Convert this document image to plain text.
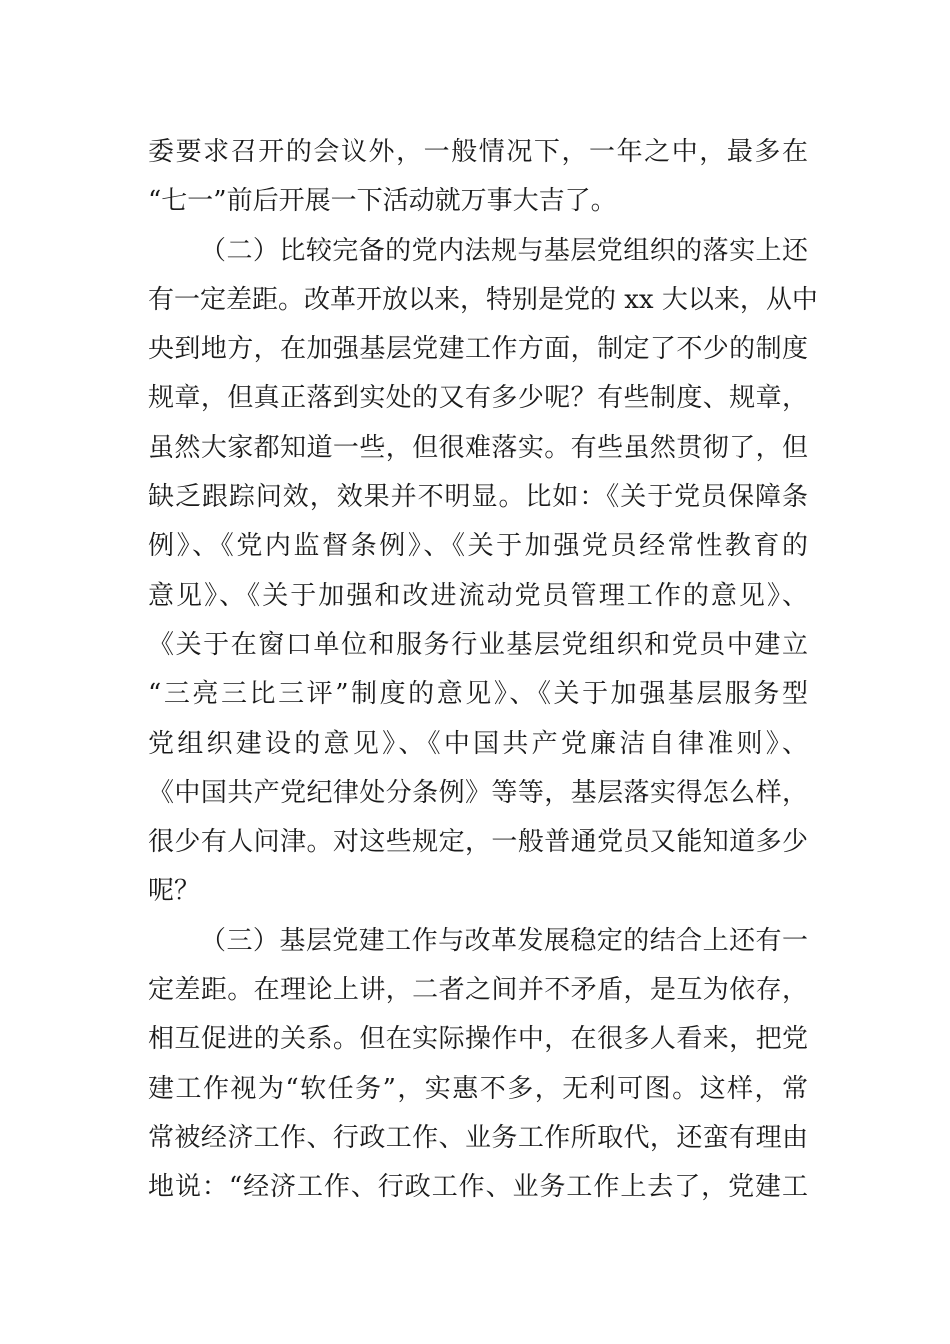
委要求召开的会议外，一般情况下，一年之中，最多在
“七一”前后开展一下活动就万事大吉了。
（二）比较完备的党内法规与基层党组织的落实上还
有一定差距。改革开放以来，特别是党的 xx 大以来，从中
央到地方，在加强基层党建工作方面，制定了不少的制度
规章，但真正落到实处的又有多少呢？有些制度、规章，
虽然大家都知道一些，但很难落实。有些虽然贯彻了，但
缺乏跟踪问效，效果并不明显。比如：《关于党员保障条
例》、《党内监督条例》、《关于加强党员经常性教育的
意见》、《关于加强和改进流动党员管理工作的意见》、
《关于在窗口单位和服务行业基层党组织和党员中建立
“三亮三比三评”制度的意见》、《关于加强基层服务型
党组织建设的意见》、《中国共产党廉洁自律准则》、
《中国共产党纪律处分条例》等等，基层落实得怎么样，
很少有人问津。对这些规定，一般普通党员又能知道多少
呢？
（三）基层党建工作与改革发展稳定的结合上还有一
定差距。在理论上讲，二者之间并不矛盾，是互为依存，
相互促进的关系。但在实际操作中，在很多人看来，把党
建工作视为“软任务”，实惠不多，无利可图。这样，常
常被经济工作、行政工作、业务工作所取代，还蛮有理由
地说：“经济工作、行政工作、业务工作上去了，党建工
